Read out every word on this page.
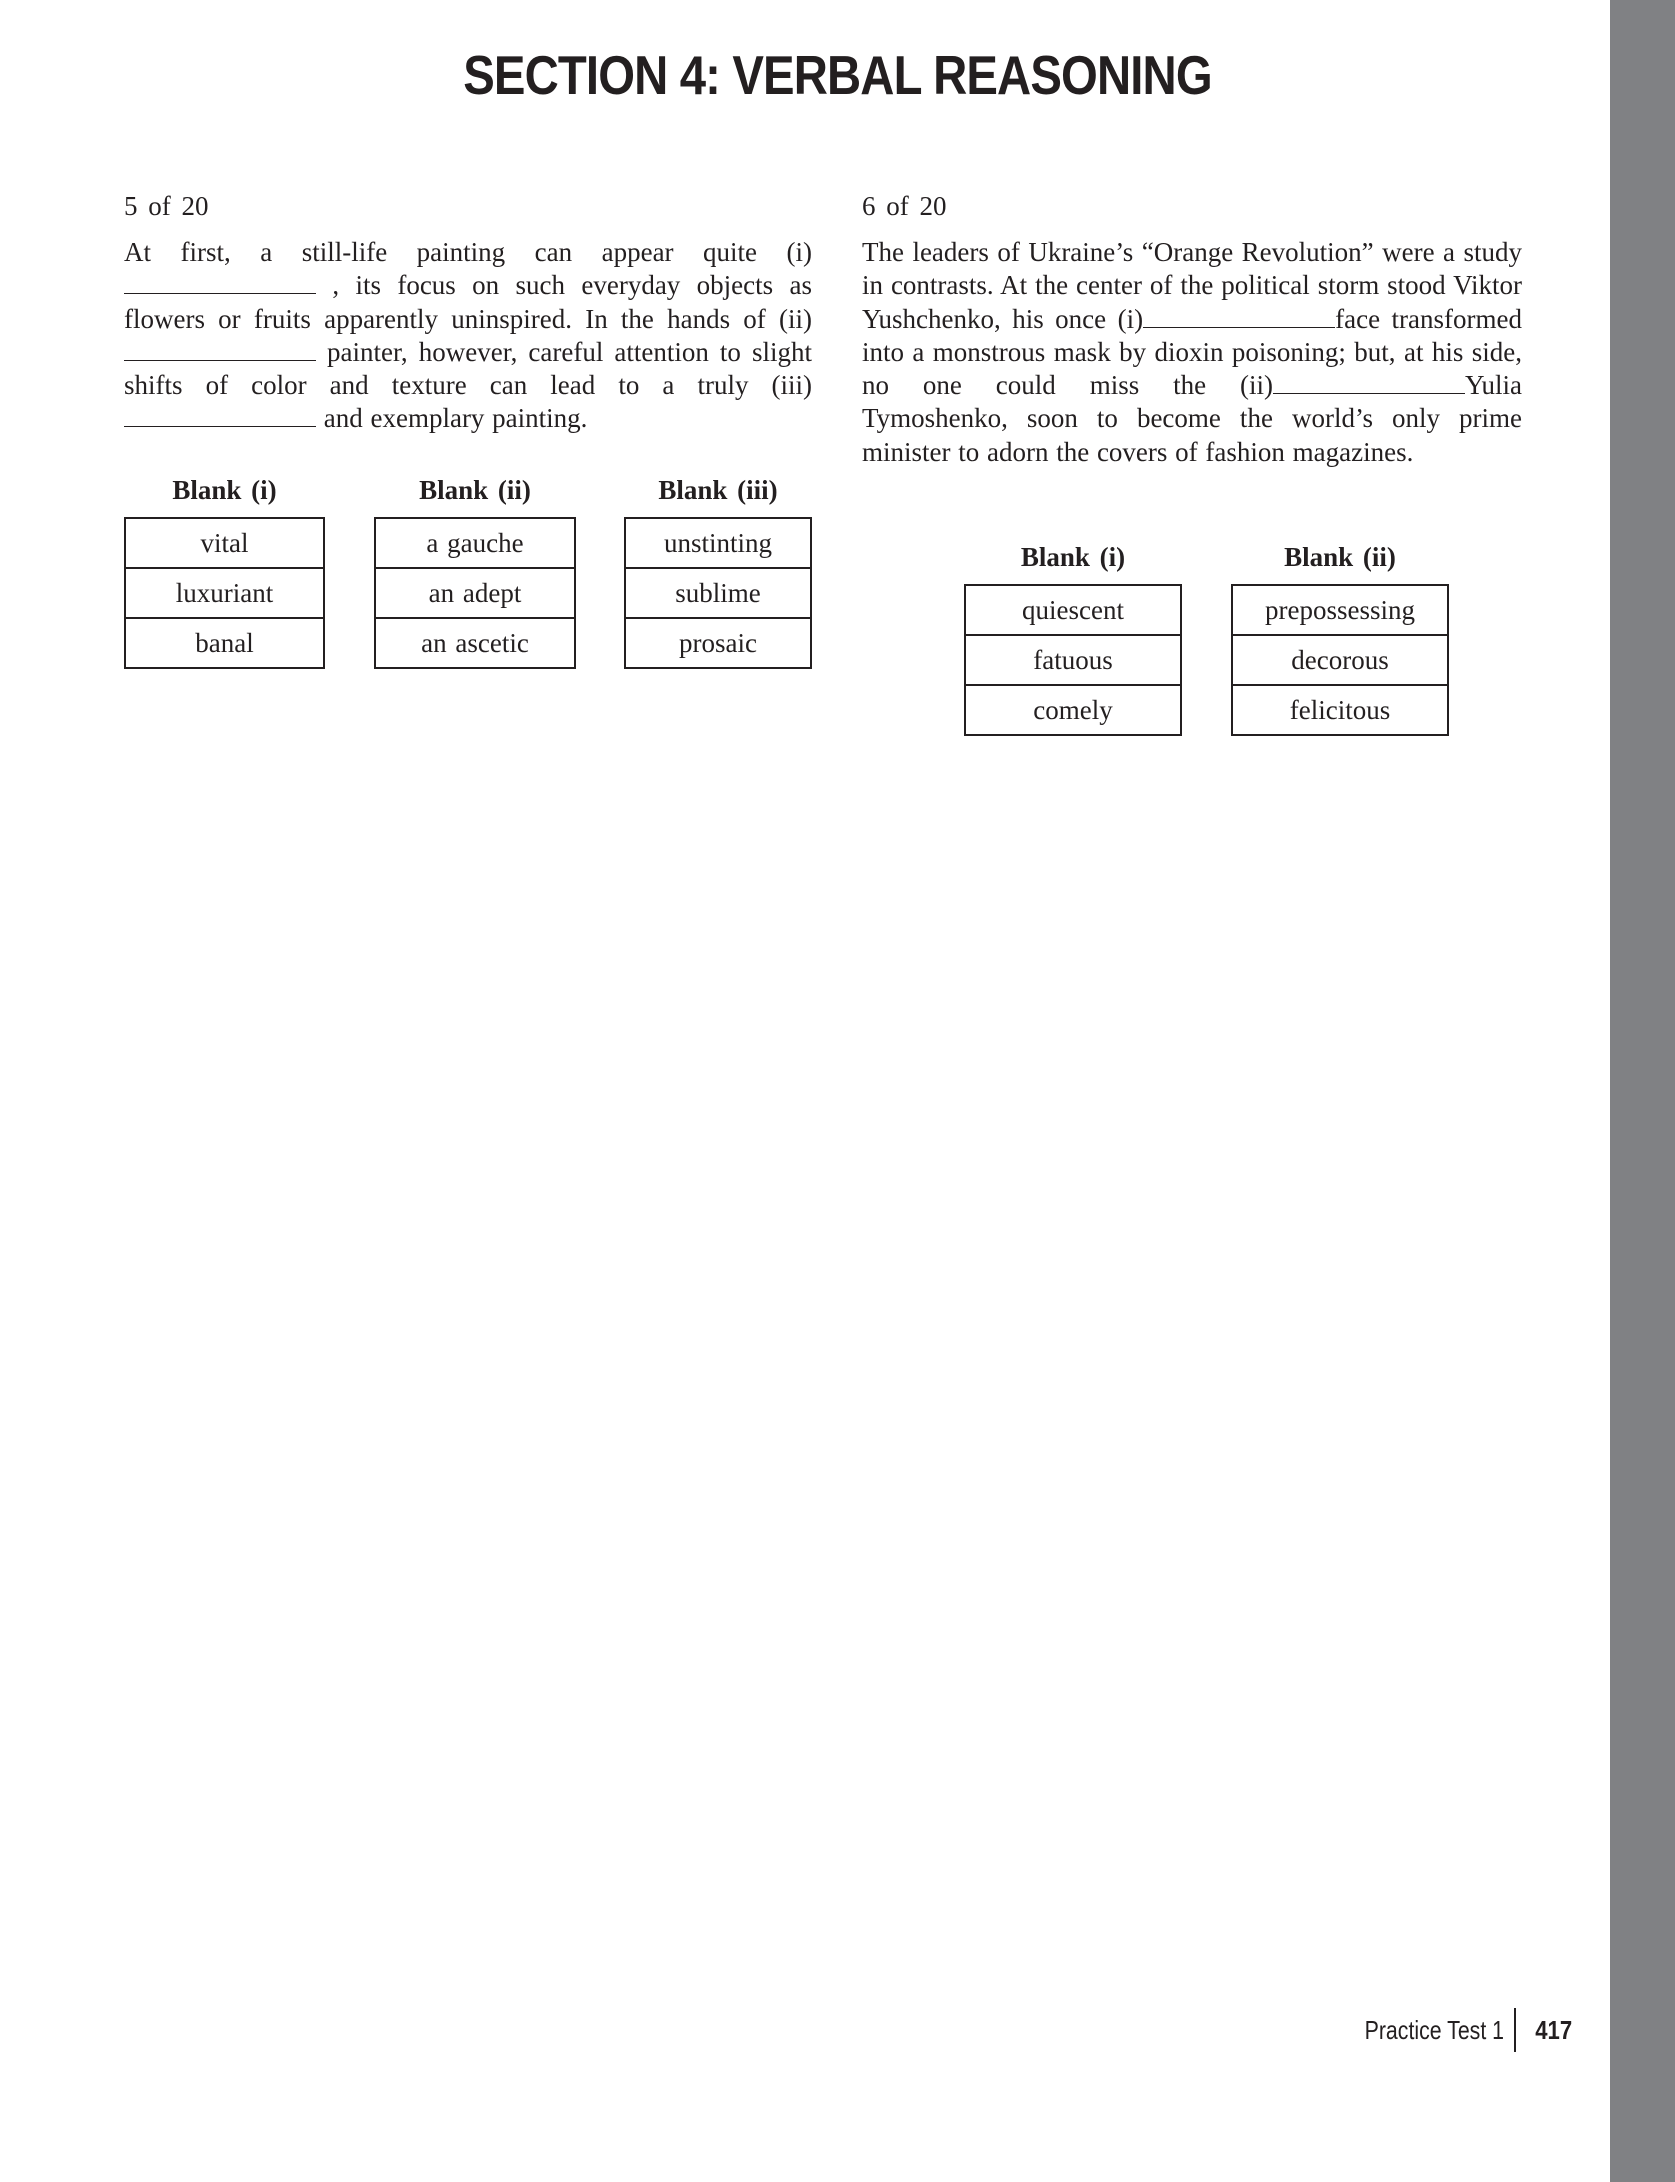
SECTION 4: VERBAL REASONING
5 of 20

At first, a still-life painting can appear quite (i) , its focus on such everyday objects as flowers or fruits apparently uninspired. In the hands of (ii) painter, however, careful attention to slight shifts of color and texture can lead to a truly (iii) and exemplary painting.

Blank (i)
vital
luxuriant
banal
Blank (ii)
a gauche
an adept
an ascetic
Blank (iii)
unstinting
sublime
prosaic
6 of 20

The leaders of Ukraine’s “Orange Revolution” were a study in contrasts. At the center of the political storm stood Viktor Yushchenko, his once (i)	face transformed into a monstrous mask by dioxin poisoning; but, at his side, no one could miss the (ii)	Yulia Tymoshenko, soon to become the world’s only prime minister to adorn the covers of fashion magazines.

Blank (i)
quiescent
fatuous
comely
Blank (ii)
prepossessing
decorous
felicitous
Practice Test 1 417
